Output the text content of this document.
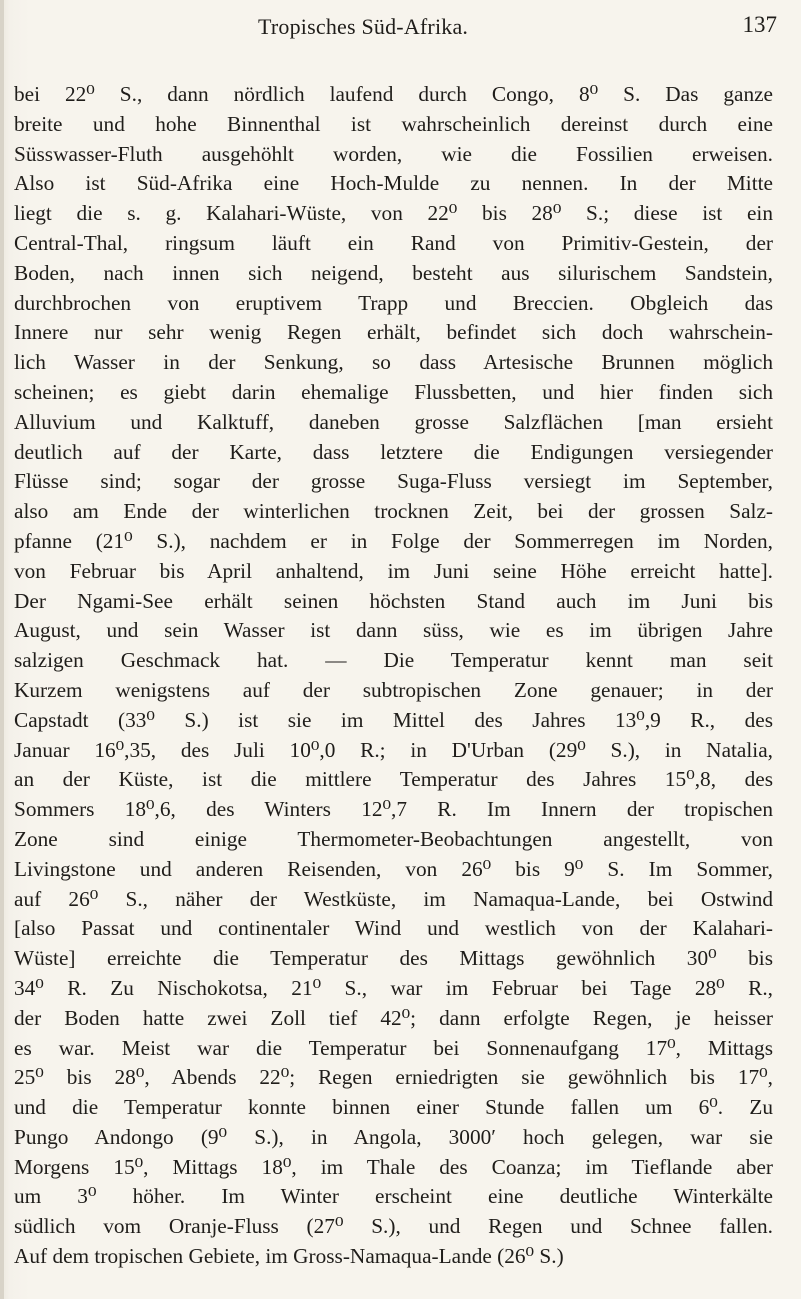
Tropisches Süd-Afrika.	137
bei 22⁰ S., dann nördlich laufend durch Congo, 8⁰ S. Das ganze
breite und hohe Binnenthal ist wahrscheinlich dereinst durch eine
Süsswasser-Fluth ausgehöhlt worden, wie die Fossilien erweisen.
Also ist Süd-Afrika eine Hoch-Mulde zu nennen. In der Mitte
liegt die s. g. Kalahari-Wüste, von 22⁰ bis 28⁰ S.; diese ist ein
Central-Thal, ringsum läuft ein Rand von Primitiv-Gestein, der
Boden, nach innen sich neigend, besteht aus silurischem Sandstein,
durchbrochen von eruptivem Trapp und Breccien. Obgleich das
Innere nur sehr wenig Regen erhält, befindet sich doch wahrschein-
lich Wasser in der Senkung, so dass Artesische Brunnen möglich
scheinen; es giebt darin ehemalige Flussbetten, und hier finden sich
Alluvium und Kalktuff, daneben grosse Salzflächen [man ersieht
deutlich auf der Karte, dass letztere die Endigungen versiegender
Flüsse sind; sogar der grosse Suga-Fluss versiegt im September,
also am Ende der winterlichen trocknen Zeit, bei der grossen Salz-
pfanne (21⁰ S.), nachdem er in Folge der Sommerregen im Norden,
von Februar bis April anhaltend, im Juni seine Höhe erreicht hatte].
Der Ngami-See erhält seinen höchsten Stand auch im Juni bis
August, und sein Wasser ist dann süss, wie es im übrigen Jahre
salzigen Geschmack hat. — Die Temperatur kennt man seit
Kurzem wenigstens auf der subtropischen Zone genauer; in der
Capstadt (33⁰ S.) ist sie im Mittel des Jahres 13⁰,9 R., des
Januar 16⁰,35, des Juli 10⁰,0 R.; in D'Urban (29⁰ S.), in Natalia,
an der Küste, ist die mittlere Temperatur des Jahres 15⁰,8, des
Sommers 18⁰,6, des Winters 12⁰,7 R. Im Innern der tropischen
Zone sind einige Thermometer-Beobachtungen angestellt, von
Livingstone und anderen Reisenden, von 26⁰ bis 9⁰ S. Im Sommer,
auf 26⁰ S., näher der Westküste, im Namaqua-Lande, bei Ostwind
[also Passat und continentaler Wind und westlich von der Kalahari-
Wüste] erreichte die Temperatur des Mittags gewöhnlich 30⁰ bis
34⁰ R. Zu Nischokotsa, 21⁰ S., war im Februar bei Tage 28⁰ R.,
der Boden hatte zwei Zoll tief 42⁰; dann erfolgte Regen, je heisser
es war. Meist war die Temperatur bei Sonnenaufgang 17⁰, Mittags
25⁰ bis 28⁰, Abends 22⁰; Regen erniedrigten sie gewöhnlich bis 17⁰,
und die Temperatur konnte binnen einer Stunde fallen um 6⁰. Zu
Pungo Andongo (9⁰ S.), in Angola, 3000′ hoch gelegen, war sie
Morgens 15⁰, Mittags 18⁰, im Thale des Coanza; im Tieflande aber
um 3⁰ höher. Im Winter erscheint eine deutliche Winterkälte
südlich vom Oranje-Fluss (27⁰ S.), und Regen und Schnee fallen.
Auf dem tropischen Gebiete, im Gross-Namaqua-Lande (26⁰ S.)
